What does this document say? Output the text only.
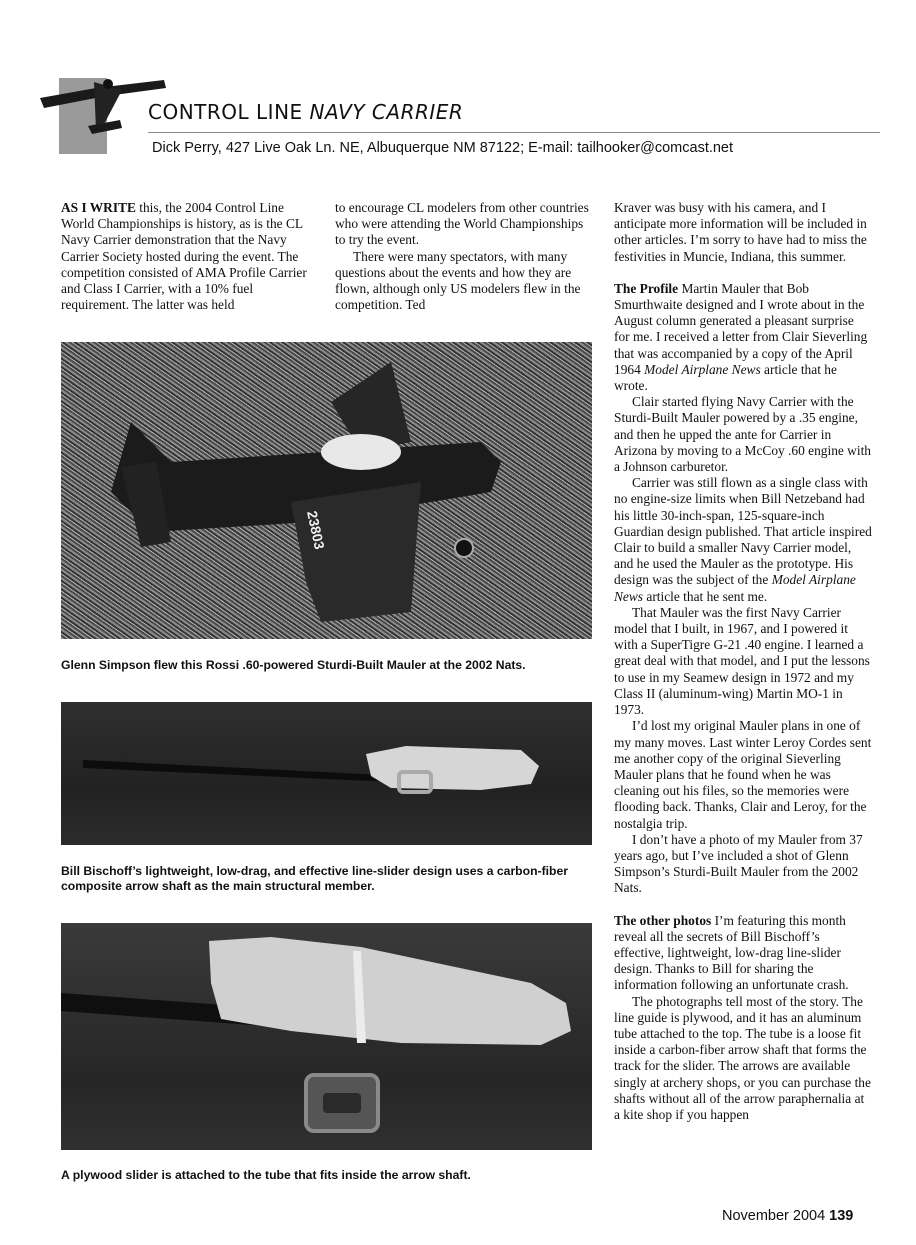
CONTROL LINE NAVY CARRIER
Dick Perry, 427 Live Oak Ln. NE, Albuquerque NM 87122; E-mail: tailhooker@comcast.net

AS I WRITE this, the 2004 Control Line World Championships is history, as is the CL Navy Carrier demonstration that the Navy Carrier Society hosted during the event. The competition consisted of AMA Profile Carrier and Class I Carrier, with a 10% fuel requirement. The latter was held

to encourage CL modelers from other countries who were attending the World Championships to try the event.

There were many spectators, with many questions about the events and how they are flown, although only US modelers flew in the competition. Ted

Kraver was busy with his camera, and I anticipate more information will be included in other articles. I’m sorry to have had to miss the festivities in Muncie, Indiana, this summer.

The Profile Martin Mauler that Bob Smurthwaite designed and I wrote about in the August column generated a pleasant surprise for me. I received a letter from Clair Sieverling that was accompanied by a copy of the April 1964 Model Airplane News article that he wrote.

Clair started flying Navy Carrier with the Sturdi-Built Mauler powered by a .35 engine, and then he upped the ante for Carrier in Arizona by moving to a McCoy .60 engine with a Johnson carburetor.

Carrier was still flown as a single class with no engine-size limits when Bill Netzeband had his little 30-inch-span, 125-square-inch Guardian design published. That article inspired Clair to build a smaller Navy Carrier model, and he used the Mauler as the prototype. His design was the subject of the Model Airplane News article that he sent me.

That Mauler was the first Navy Carrier model that I built, in 1967, and I powered it with a SuperTigre G-21 .40 engine. I learned a great deal with that model, and I put the lessons to use in my Seamew design in 1972 and my Class II (aluminum-wing) Martin MO-1 in 1973.

I’d lost my original Mauler plans in one of my many moves. Last winter Leroy Cordes sent me another copy of the original Sieverling Mauler plans that he found when he was cleaning out his files, so the memories were flooding back. Thanks, Clair and Leroy, for the nostalgia trip.

I don’t have a photo of my Mauler from 37 years ago, but I’ve included a shot of Glenn Simpson’s Sturdi-Built Mauler from the 2002 Nats.

The other photos I’m featuring this month reveal all the secrets of Bill Bischoff’s effective, lightweight, low-drag line-slider design. Thanks to Bill for sharing the information following an unfortunate crash.

The photographs tell most of the story. The line guide is plywood, and it has an aluminum tube attached to the top. The tube is a loose fit inside a carbon-fiber arrow shaft that forms the track for the slider. The arrows are available singly at archery shops, or you can purchase the shafts without all of the arrow paraphernalia at a kite shop if you happen

23803
Glenn Simpson flew this Rossi .60-powered Sturdi-Built Mauler at the 2002 Nats.
Bill Bischoff’s lightweight, low-drag, and effective line-slider design uses a carbon-fiber composite arrow shaft as the main structural member.
A plywood slider is attached to the tube that fits inside the arrow shaft.
November 2004 139
